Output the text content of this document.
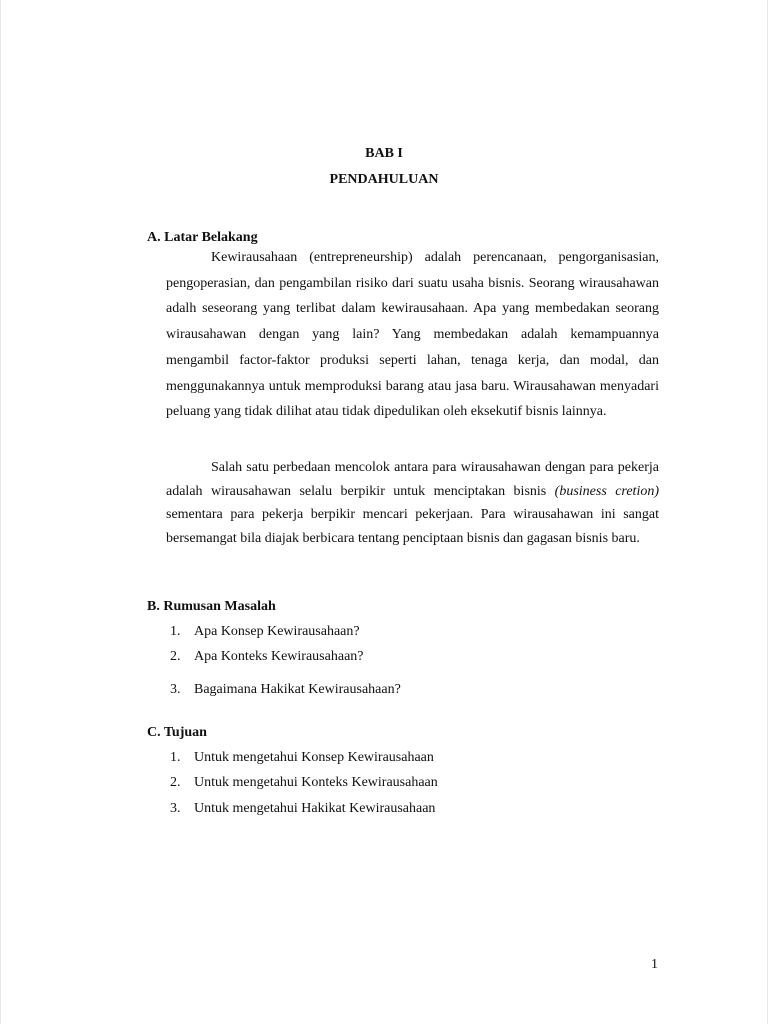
BAB I
PENDAHULUAN
A. Latar Belakang
Kewirausahaan (entrepreneurship) adalah perencanaan, pengorganisasian, pengoperasian, dan pengambilan risiko dari suatu usaha bisnis. Seorang wirausahawan adalh seseorang yang terlibat dalam kewirausahaan. Apa yang membedakan seorang wirausahawan dengan yang lain? Yang membedakan adalah kemampuannya mengambil factor-faktor produksi seperti lahan, tenaga kerja, dan modal, dan menggunakannya untuk memproduksi barang atau jasa baru. Wirausahawan menyadari peluang yang tidak dilihat atau tidak dipedulikan oleh eksekutif bisnis lainnya.
Salah satu perbedaan mencolok antara para wirausahawan dengan para pekerja adalah wirausahawan selalu berpikir untuk menciptakan bisnis (business cretion) sementara para pekerja berpikir mencari pekerjaan. Para wirausahawan ini sangat bersemangat bila diajak berbicara tentang penciptaan bisnis dan gagasan bisnis baru.
B. Rumusan Masalah
1. Apa Konsep Kewirausahaan?
2. Apa Konteks Kewirausahaan?
3. Bagaimana Hakikat Kewirausahaan?
C. Tujuan
1. Untuk mengetahui Konsep Kewirausahaan
2. Untuk mengetahui Konteks Kewirausahaan
3. Untuk mengetahui Hakikat Kewirausahaan
1
